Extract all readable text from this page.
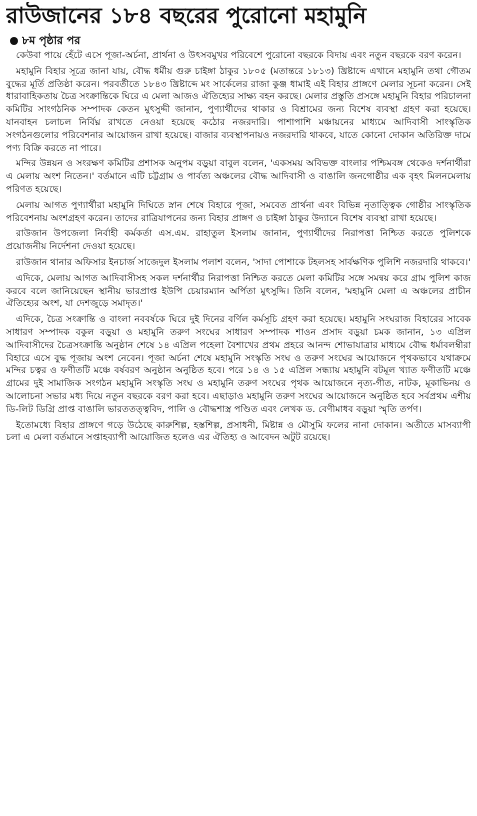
রাউজানের ১৮৪ বছরের পুরোনো মহামুনি
৮ম পৃষ্ঠার পর

কেউবা পায়ে হেঁটে এসে পূজা-অর্চনা, প্রার্থনা ও উৎসবমুখর পরিবেশে পুরোনো বছরকে বিদায় এবং নতুন বছরকে বরণ করেন।

মহামুনি বিহার সূত্রে জানা যায়, বৌদ্ধ ধর্মীয় গুরু চাইঙ্গা ঠাকুর ১৮০৫ (মতান্তরে ১৮১৩) খ্রিষ্টাব্দে এখানে মহামুনি তথা গৌতম বুদ্ধের মূর্তি প্রতিষ্ঠা করেন। পরবর্তীতে ১৮৪৩ খ্রিষ্টাব্দে মং সার্কেলের রাজা কুঞ্জ ধামাই এই বিহার প্রাঙ্গণে মেলার সূচনা করেন। সেই ধারাবাহিকতায় চৈত্র সংক্রান্তিকে ঘিরে এ মেলা আজও ঐতিহ্যের সাক্ষ্য বহন করছে। মেলার প্রস্তুতি প্রসঙ্গে মহামুনি বিহার পরিচালনা কমিটির সাংগঠনিক সম্পাদক কেতন মুৎসুদ্দী জানান, পুণ্যার্থীদের থাকার ও বিশ্রামের জন্য বিশেষ ব্যবস্থা গ্রহণ করা হয়েছে। যানবাহন চলাচল নির্বিঘ্ন রাখতে নেওয়া হয়েছে কঠোর নজরদারি। পাশাপাশি মঞ্চায়নের মাধ্যমে আদিবাসী সাংস্কৃতিক সংগঠনগুলোর পরিবেশনার আয়োজন রাখা হয়েছে। বাজার ব্যবস্থাপনায়ও নজরদারি থাকবে, যাতে কোনো দোকান অতিরিক্ত দামে পণ্য বিক্রি করতে না পারে।

মন্দির উন্নয়ন ও সংরক্ষণ কমিটির প্রশাসক অনুপম বড়ুয়া বাবুল বলেন, 'একসময় অবিভক্ত বাংলার পশ্চিমবঙ্গ থেকেও দর্শনার্থীরা এ মেলায় অংশ নিতেন।' বর্তমানে এটি চট্টগ্রাম ও পার্বত্য অঞ্চলের বৌদ্ধ আদিবাসী ও বাঙালি জনগোষ্ঠীর এক বৃহৎ মিলনমেলায় পরিণত হয়েছে।

মেলায় আগত পুণ্যার্থীরা মহামুনি দিঘিতে স্নান শেষে বিহারে পূজা, সমবেত প্রার্থনা এবং বিভিন্ন নৃতাত্ত্বিক গোষ্ঠীর সাংস্কৃতিক পরিবেশনায় অংশগ্রহণ করেন। তাদের রাত্রিযাপনের জন্য বিহার প্রাঙ্গণ ও চাইঙ্গা ঠাকুর উদ্যানে বিশেষ ব্যবস্থা রাখা হয়েছে।

রাউজান উপজেলা নির্বাহী কর্মকর্তা এস.এম. রাহাতুল ইসলাম জানান, পুণ্যার্থীদের নিরাপত্তা নিশ্চিত করতে পুলিশকে প্রয়োজনীয় নির্দেশনা দেওয়া হয়েছে।

রাউজান থানার অফিসার ইনচার্জ সাজেদুল ইসলাম পলাশ বলেন, 'সাদা পোশাকে টহলসহ সার্বক্ষণিক পুলিশি নজরদারি থাকবে।'

এদিকে, মেলায় আগত আদিবাসীসহ সকল দর্শনার্থীর নিরাপত্তা নিশ্চিত করতে মেলা কমিটির সঙ্গে সমন্বয় করে গ্রাম পুলিশ কাজ করবে বলে জানিয়েছেন স্থানীয় ভারপ্রাপ্ত ইউপি চেয়ারম্যান অর্পিতা মুৎসুদ্দি। তিনি বলেন, 'মহামুনি মেলা এ অঞ্চলের প্রাচীন ঐতিহ্যের অংশ, যা দেশজুড়ে সমাদৃত।'

এদিকে, চৈত্র সংক্রান্তি ও বাংলা নববর্ষকে ঘিরে দুই দিনের বর্ণিল কর্মসূচি গ্রহণ করা হয়েছে। মহামুনি সংঘরাজ বিহারের সাবেক সাধারণ সম্পাদক বকুল বড়ুয়া ও মহামুনি তরুণ সংঘের সাধারণ সম্পাদক শাওন প্রসাদ বড়ুয়া চমক জানান, ১৩ এপ্রিল আদিবাসীদের চৈত্রসংক্রান্তি অনুষ্ঠান শেষে ১৪ এপ্রিল পহেলা বৈশাখের প্রথম প্রহরে আনন্দ শোভাযাত্রার মাধ্যমে বৌদ্ধ ধর্মাবলম্বীরা বিহারে এসে বুদ্ধ পূজায় অংশ নেবেন। পূজা অর্চনা শেষে মহামুনি সংস্কৃতি সংঘ ও তরুণ সংঘের আয়োজনে পৃথকভাবে যথাক্রমে মন্দির চত্বর ও ফণীতটি মঞ্চে বর্ষবরণ অনুষ্ঠান অনুষ্ঠিত হবে। পরে ১৪ ও ১৫ এপ্রিল সন্ধ্যায় মহামুনি বটমূল খ্যাত ফণীতটি মঞ্চে গ্রামের দুই সামাজিক সংগঠন মহামুনি সংস্কৃতি সংঘ ও মহামুনি তরুণ সংঘের পৃথক আয়োজনে নৃত্য-গীত, নাটক, মূকাভিনয় ও আলোচনা সভার মধ্য দিয়ে নতুন বছরকে বরণ করা হবে। এছাড়াও মহামুনি তরুণ সংঘের আয়োজনে অনুষ্ঠিত হবে সর্বপ্রথম এশীয় ডি-লিট ডিগ্রি প্রাপ্ত বাঙালি ভারততত্ত্ববিদ, পালি ও বৌদ্ধশাস্ত্র পণ্ডিত এবং লেখক ড. বেণীমাধব বড়ুয়া স্মৃতি তর্পণ।

ইতোমধ্যে বিহার প্রাঙ্গণে গড়ে উঠেছে কারুশিল্প, হস্তশিল্প, প্রসাধনী, মিষ্টান্ন ও মৌসুমি ফলের নানা দোকান। অতীতে মাসব্যাপী চলা এ মেলা বর্তমানে সপ্তাহব্যাপী আয়োজিত হলেও এর ঐতিহ্য ও আবেদন অটুট রয়েছে।
